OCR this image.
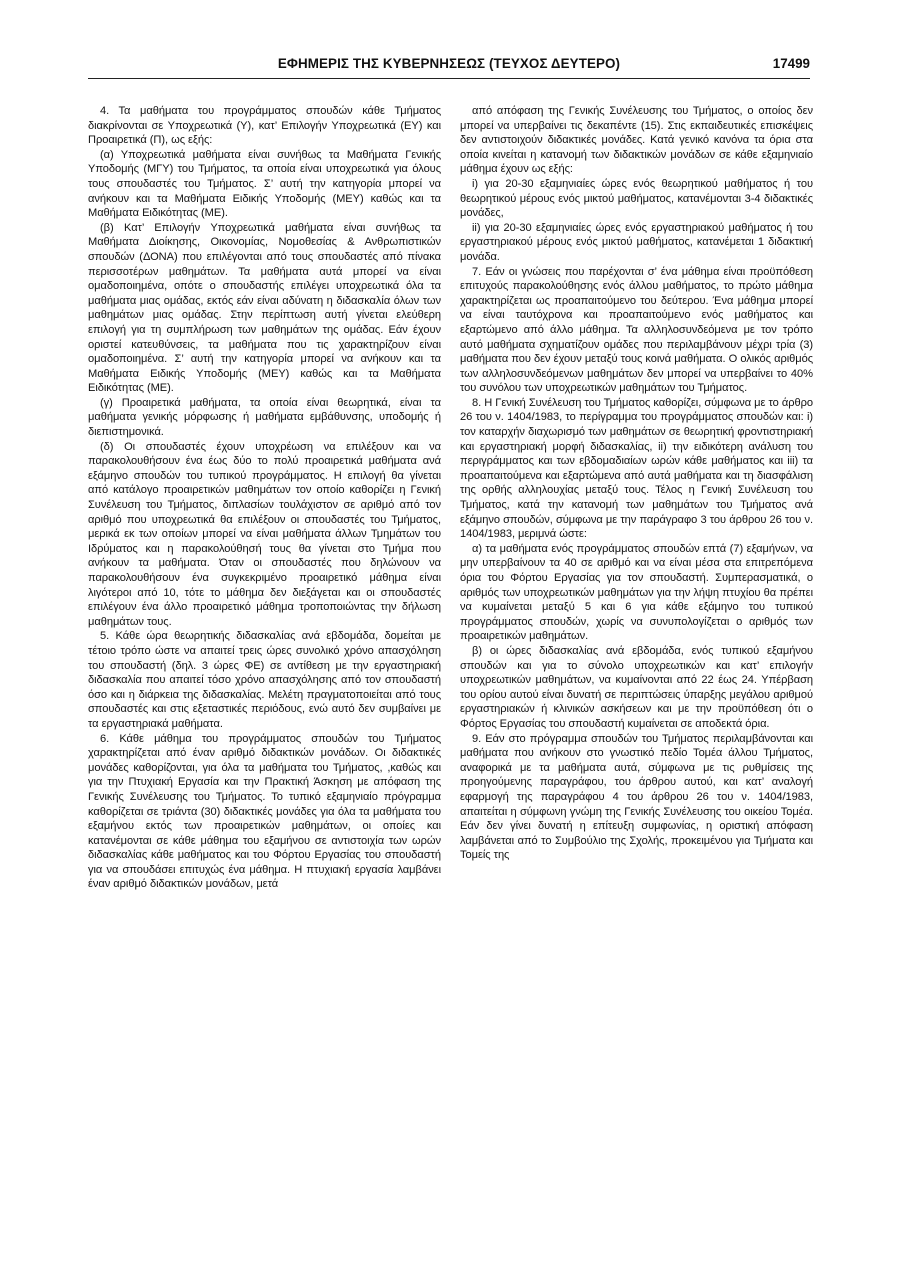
ΕΦΗΜΕΡΙΣ ΤΗΣ ΚΥΒΕΡΝΗΣΕΩΣ (ΤΕΥΧΟΣ ΔΕΥΤΕΡΟ)	17499

4. Τα μαθήματα του προγράμματος σπουδών κάθε Τμήματος διακρίνονται σε Υποχρεωτικά (Υ), κατ’ Επιλογήν Υποχρεωτικά (ΕΥ) και Προαιρετικά (Π), ως εξής:

(α) Υποχρεωτικά μαθήματα είναι συνήθως τα Μαθήματα Γενικής Υποδομής (ΜΓΥ) του Τμήματος, τα οποία είναι υποχρεωτικά για όλους τους σπουδαστές του Τμήματος. Σ’ αυτή την κατηγορία μπορεί να ανήκουν και τα Μαθήματα Ειδικής Υποδομής (ΜΕΥ) καθώς και τα Μαθήματα Ειδικότητας (ΜΕ).

(β) Κατ’ Επιλογήν Υποχρεωτικά μαθήματα είναι συνήθως τα Μαθήματα Διοίκησης, Οικονομίας, Νομοθεσίας & Ανθρωπιστικών σπουδών (ΔΟΝΑ) που επιλέγονται από τους σπουδαστές από πίνακα περισσοτέρων μαθημάτων. Τα μαθήματα αυτά μπορεί να είναι ομαδοποιημένα, οπότε ο σπουδαστής επιλέγει υποχρεωτικά όλα τα μαθήματα μιας ομάδας, εκτός εάν είναι αδύνατη η διδασκαλία όλων των μαθημάτων μιας ομάδας. Στην περίπτωση αυτή γίνεται ελεύθερη επιλογή για τη συμπλήρωση των μαθημάτων της ομάδας. Εάν έχουν οριστεί κατευθύνσεις, τα μαθήματα που τις χαρακτηρίζουν είναι ομαδοποιημένα. Σ’ αυτή την κατηγορία μπορεί να ανήκουν και τα Μαθήματα Ειδικής Υποδομής (ΜΕΥ) καθώς και τα Μαθήματα Ειδικότητας (ΜΕ).

(γ) Προαιρετικά μαθήματα, τα οποία είναι θεωρητικά, είναι τα μαθήματα γενικής μόρφωσης ή μαθήματα εμβάθυνσης, υποδομής ή διεπιστημονικά.

(δ) Οι σπουδαστές έχουν υποχρέωση να επιλέξουν και να παρακολουθήσουν ένα έως δύο το πολύ προαιρετικά μαθήματα ανά εξάμηνο σπουδών του τυπικού προγράμματος. Η επιλογή θα γίνεται από κατάλογο προαιρετικών μαθημάτων τον οποίο καθορίζει η Γενική Συνέλευση του Τμήματος, διπλασίων τουλάχιστον σε αριθμό από τον αριθμό που υποχρεωτικά θα επιλέξουν οι σπουδαστές του Τμήματος, μερικά εκ των οποίων μπορεί να είναι μαθήματα άλλων Τμημάτων του Ιδρύματος και η παρακολούθησή τους θα γίνεται στο Τμήμα που ανήκουν τα μαθήματα. Όταν οι σπουδαστές που δηλώνουν να παρακολουθήσουν ένα συγκεκριμένο προαιρετικό μάθημα είναι λιγότεροι από 10, τότε το μάθημα δεν διεξάγεται και οι σπουδαστές επιλέγουν ένα άλλο προαιρετικό μάθημα τροποποιώντας την δήλωση μαθημάτων τους.

5. Κάθε ώρα θεωρητικής διδασκαλίας ανά εβδομάδα, δομείται με τέτοιο τρόπο ώστε να απαιτεί τρεις ώρες συνολικό χρόνο απασχόληση του σπουδαστή (δηλ. 3 ώρες ΦΕ) σε αντίθεση με την εργαστηριακή διδασκαλία που απαιτεί τόσο χρόνο απασχόλησης από τον σπουδαστή όσο και η διάρκεια της διδασκαλίας. Μελέτη πραγματοποιείται από τους σπουδαστές και στις εξεταστικές περιόδους, ενώ αυτό δεν συμβαίνει με τα εργαστηριακά μαθήματα.

6. Κάθε μάθημα του προγράμματος σπουδών του Τμήματος χαρακτηρίζεται από έναν αριθμό διδακτικών μονάδων. Οι διδακτικές μονάδες καθορίζονται, για όλα τα μαθήματα του Τμήματος, ,καθώς και για την Πτυχιακή Εργασία και την Πρακτική Άσκηση με απόφαση της Γενικής Συνέλευσης του Τμήματος. Το τυπικό εξαμηνιαίο πρόγραμμα καθορίζεται σε τριάντα (30) διδακτικές μονάδες για όλα τα μαθήματα του εξαμήνου εκτός των προαιρετικών μαθημάτων, οι οποίες και κατανέμονται σε κάθε μάθημα του εξαμήνου σε αντιστοιχία των ωρών διδασκαλίας κάθε μαθήματος και του Φόρτου Εργασίας του σπουδαστή για να σπουδάσει επιτυχώς ένα μάθημα. Η πτυχιακή εργασία λαμβάνει έναν αριθμό διδακτικών μονάδων, μετά

από απόφαση της Γενικής Συνέλευσης του Τμήματος, ο οποίος δεν μπορεί να υπερβαίνει τις δεκαπέντε (15). Στις εκπαιδευτικές επισκέψεις δεν αντιστοιχούν διδακτικές μονάδες. Κατά γενικό κανόνα τα όρια στα οποία κινείται η κατανομή των διδακτικών μονάδων σε κάθε εξαμηνιαίο μάθημα έχουν ως εξής:

i) για 20-30 εξαμηνιαίες ώρες ενός θεωρητικού μαθήματος ή του θεωρητικού μέρους ενός μικτού μαθήματος, κατανέμονται 3-4 διδακτικές μονάδες,

ii) για 20-30 εξαμηνιαίες ώρες ενός εργαστηριακού μαθήματος ή του εργαστηριακού μέρους ενός μικτού μαθήματος, κατανέμεται 1 διδακτική μονάδα.

7. Εάν οι γνώσεις που παρέχονται σ’ ένα μάθημα είναι προϋπόθεση επιτυχούς παρακολούθησης ενός άλλου μαθήματος, το πρώτο μάθημα χαρακτηρίζεται ως προαπαιτούμενο του δεύτερου. Ένα μάθημα μπορεί να είναι ταυτόχρονα και προαπαιτούμενο ενός μαθήματος και εξαρτώμενο από άλλο μάθημα. Τα αλληλοσυνδεόμενα με τον τρόπο αυτό μαθήματα σχηματίζουν ομάδες που περιλαμβάνουν μέχρι τρία (3) μαθήματα που δεν έχουν μεταξύ τους κοινά μαθήματα. Ο ολικός αριθμός των αλληλοσυνδεόμενων μαθημάτων δεν μπορεί να υπερβαίνει το 40% του συνόλου των υποχρεωτικών μαθημάτων του Τμήματος.

8. Η Γενική Συνέλευση του Τμήματος καθορίζει, σύμφωνα με το άρθρο 26 του ν. 1404/1983, το περίγραμμα του προγράμματος σπουδών και: i) τον καταρχήν διαχωρισμό των μαθημάτων σε θεωρητική φροντιστηριακή και εργαστηριακή μορφή διδασκαλίας, ii) την ειδικότερη ανάλυση του περιγράμματος και των εβδομαδιαίων ωρών κάθε μαθήματος και iii) τα προαπαιτούμενα και εξαρτώμενα από αυτά μαθήματα και τη διασφάλιση της ορθής αλληλουχίας μεταξύ τους. Τέλος η Γενική Συνέλευση του Τμήματος, κατά την κατανομή των μαθημάτων του Τμήματος ανά εξάμηνο σπουδών, σύμφωνα με την παράγραφο 3 του άρθρου 26 του ν. 1404/1983, μεριμνά ώστε:

α) τα μαθήματα ενός προγράμματος σπουδών επτά (7) εξαμήνων, να μην υπερβαίνουν τα 40 σε αριθμό και να είναι μέσα στα επιτρεπόμενα όρια του Φόρτου Εργασίας για τον σπουδαστή. Συμπερασματικά, ο αριθμός των υποχρεωτικών μαθημάτων για την λήψη πτυχίου θα πρέπει να κυμαίνεται μεταξύ 5 και 6 για κάθε εξάμηνο του τυπικού προγράμματος σπουδών, χωρίς να συνυπολογίζεται ο αριθμός των προαιρετικών μαθημάτων.

β) οι ώρες διδασκαλίας ανά εβδομάδα, ενός τυπικού εξαμήνου σπουδών και για το σύνολο υποχρεωτικών και κατ’ επιλογήν υποχρεωτικών μαθημάτων, να κυμαίνονται από 22 έως 24. Υπέρβαση του ορίου αυτού είναι δυνατή σε περιπτώσεις ύπαρξης μεγάλου αριθμού εργαστηριακών ή κλινικών ασκήσεων και με την προϋπόθεση ότι ο Φόρτος Εργασίας του σπουδαστή κυμαίνεται σε αποδεκτά όρια.

9. Εάν στο πρόγραμμα σπουδών του Τμήματος περιλαμβάνονται και μαθήματα που ανήκουν στο γνωστικό πεδίο Τομέα άλλου Τμήματος, αναφορικά με τα μαθήματα αυτά, σύμφωνα με τις ρυθμίσεις της προηγούμενης παραγράφου, του άρθρου αυτού, και κατ’ αναλογή εφαρμογή της παραγράφου 4 του άρθρου 26 του ν. 1404/1983, απαιτείται η σύμφωνη γνώμη της Γενικής Συνέλευσης του οικείου Τομέα. Εάν δεν γίνει δυνατή η επίτευξη συμφωνίας, η οριστική απόφαση λαμβάνεται από το Συμβούλιο της Σχολής, προκειμένου για Τμήματα και Τομείς της
